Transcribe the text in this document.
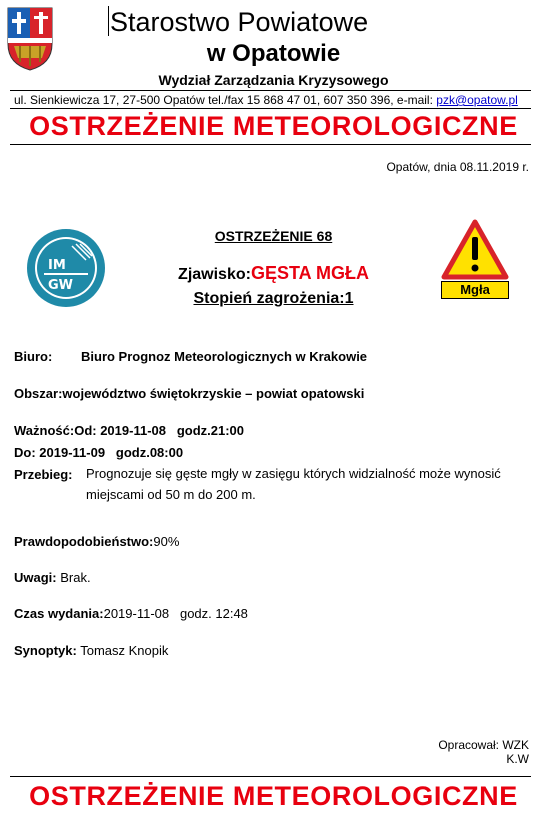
Starostwo Powiatowe
w Opatowie
Wydział Zarządzania Kryzysowego
ul. Sienkiewicza 17, 27-500 Opatów tel./fax 15 868 47 01, 607 350 396, e-mail: pzk@opatow.pl
OSTRZEŻENIE METEOROLOGICZNE
Opatów, dnia 08.11.2019 r.
IM
GW
OSTRZEŻENIE 68
Zjawisko:GĘSTA MGŁA
Stopień zagrożenia:1
Mgła
Biuro: Biuro Prognoz Meteorologicznych w Krakowie
Obszar:województwo świętokrzyskie – powiat opatowski
Ważność:Od: 2019-11-08   godz.21:00
Do: 2019-11-09   godz.08:00
Przebieg: Prognozuje się gęste mgły w zasięgu których widzialność może wynosić miejscami od 50 m do 200 m.
Prawdopodobieństwo:90%
Uwagi: Brak.
Czas wydania:2019-11-08   godz. 12:48
Synoptyk: Tomasz Knopik
Opracował: WZK
K.W
OSTRZEŻENIE METEOROLOGICZNE
